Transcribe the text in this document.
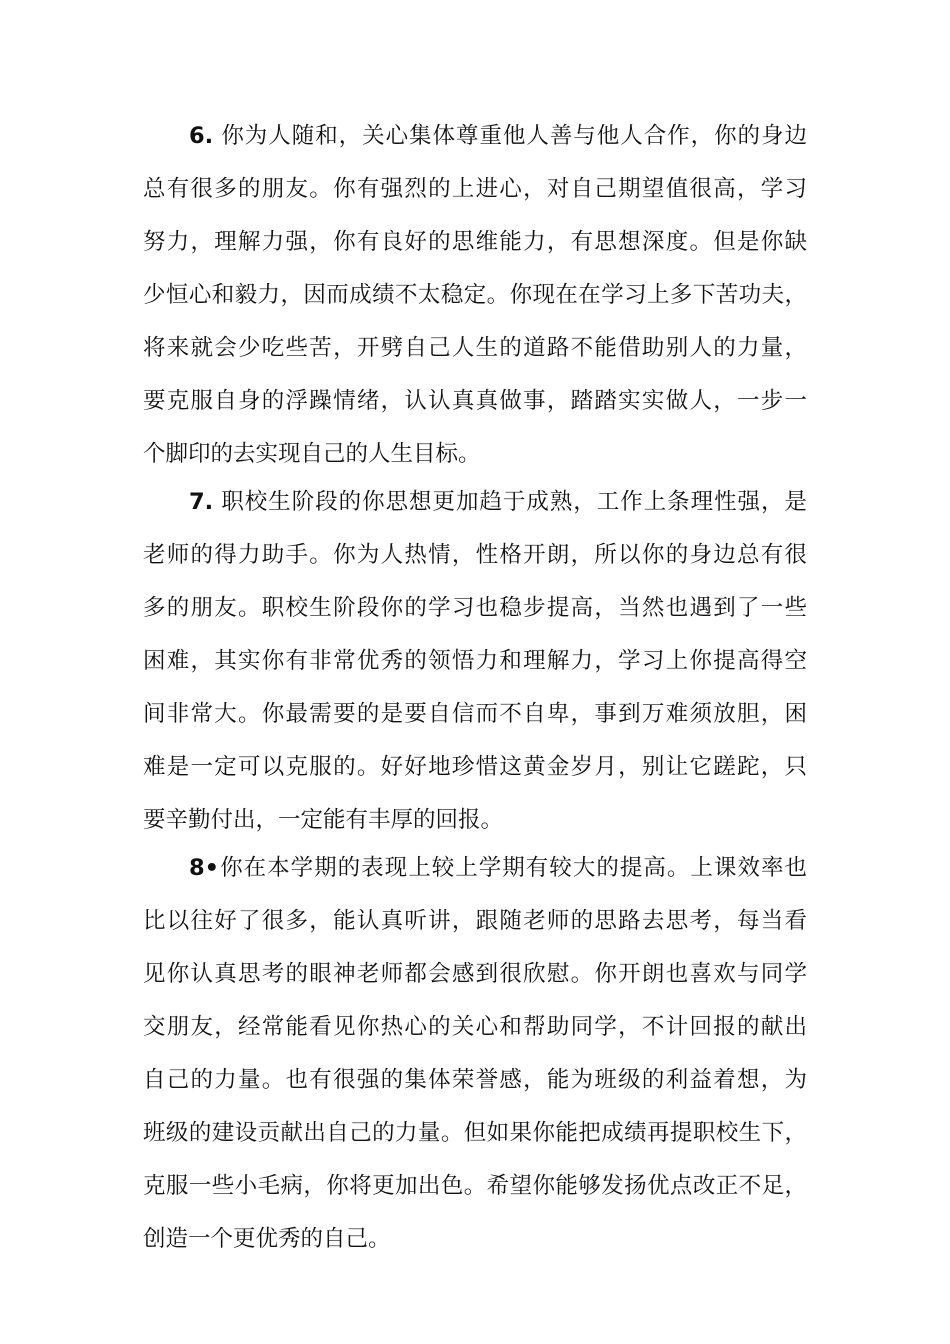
6. 你为人随和，关心集体尊重他人善与他人合作，你的身边
总有很多的朋友。你有强烈的上进心，对自己期望值很高，学习
努力，理解力强，你有良好的思维能力，有思想深度。但是你缺
少恒心和毅力，因而成绩不太稳定。你现在在学习上多下苦功夫，
将来就会少吃些苦，开劈自己人生的道路不能借助别人的力量，
要克服自身的浮躁情绪，认认真真做事，踏踏实实做人，一步一
个脚印的去实现自己的人生目标。
7. 职校生阶段的你思想更加趋于成熟，工作上条理性强，是
老师的得力助手。你为人热情，性格开朗，所以你的身边总有很
多的朋友。职校生阶段你的学习也稳步提高，当然也遇到了一些
困难，其实你有非常优秀的领悟力和理解力，学习上你提高得空
间非常大。你最需要的是要自信而不自卑，事到万难须放胆，困
难是一定可以克服的。好好地珍惜这黄金岁月，别让它蹉跎，只
要辛勤付出，一定能有丰厚的回报。
8•你在本学期的表现上较上学期有较大的提高。上课效率也
比以往好了很多，能认真听讲，跟随老师的思路去思考，每当看
见你认真思考的眼神老师都会感到很欣慰。你开朗也喜欢与同学
交朋友，经常能看见你热心的关心和帮助同学，不计回报的献出
自己的力量。也有很强的集体荣誉感，能为班级的利益着想，为
班级的建设贡献出自己的力量。但如果你能把成绩再提职校生下，
克服一些小毛病，你将更加出色。希望你能够发扬优点改正不足，
创造一个更优秀的自己。
